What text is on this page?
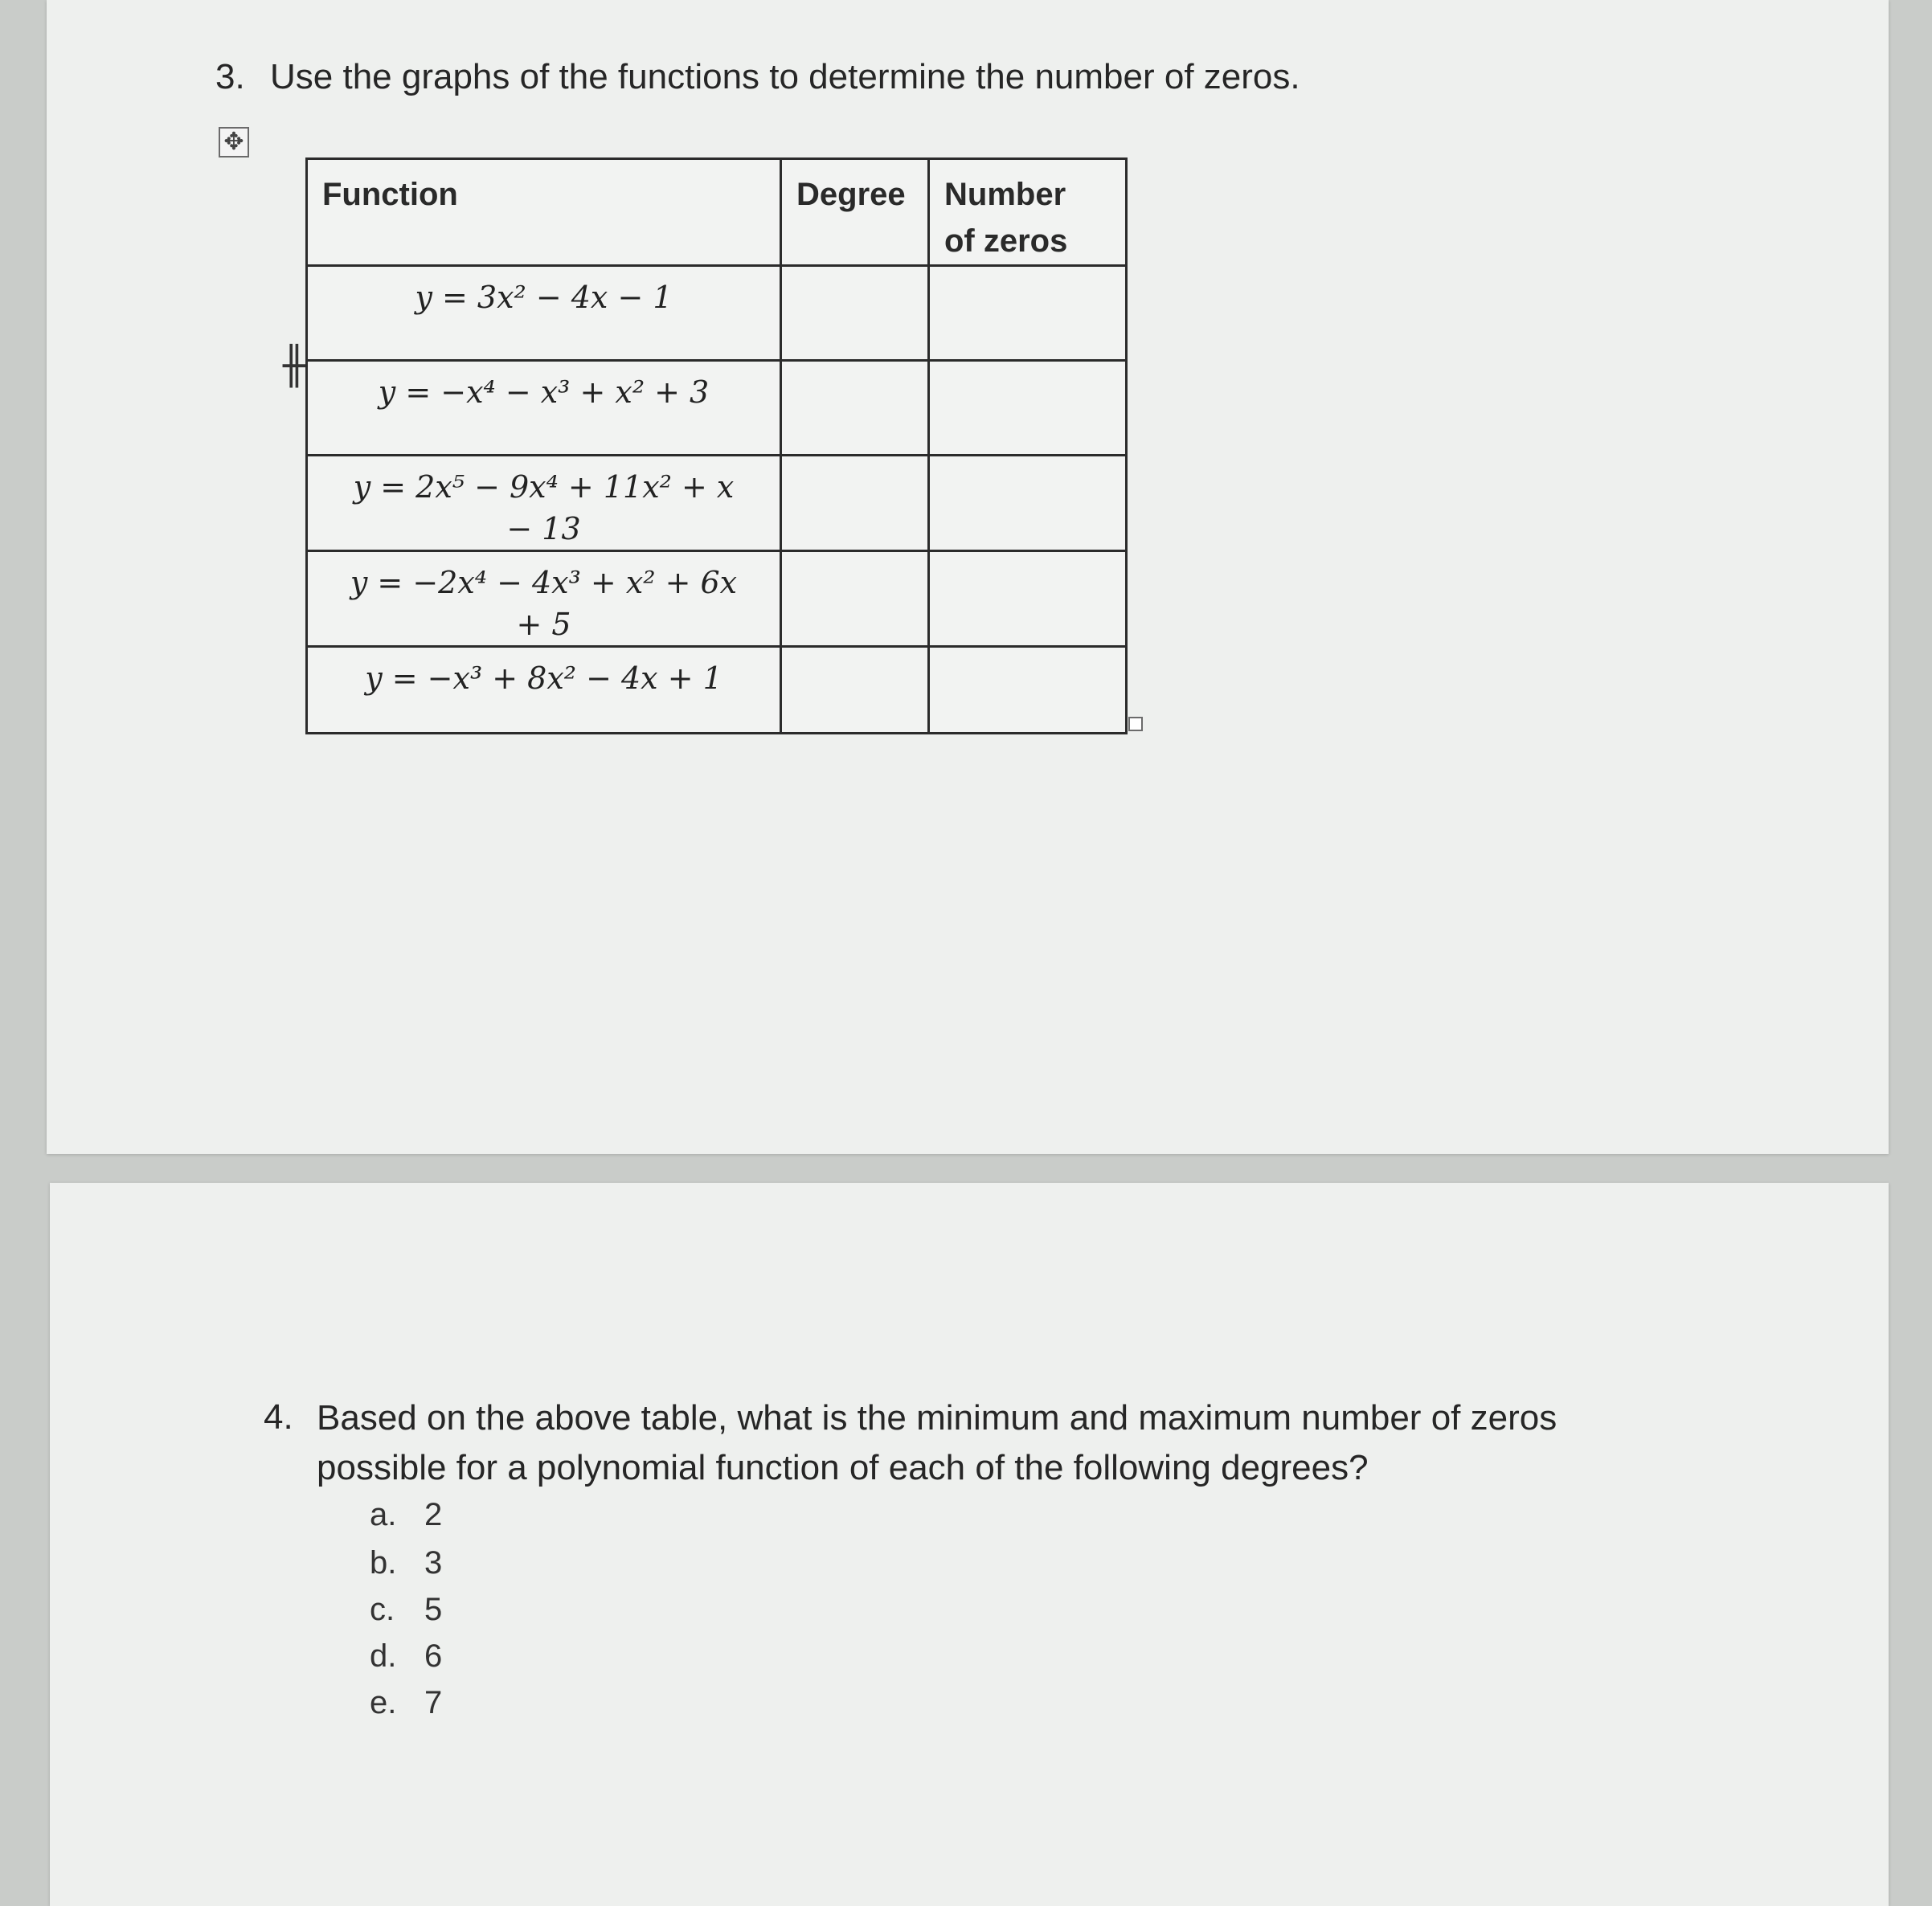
3. Use the graphs of the functions to determine the number of zeros.
✥
Function	Degree	Number
of zeros

y = 3x² − 4x − 1		

y = −x⁴ − x³ + x² + 3		

y = 2x⁵ − 9x⁴ + 11x² + x
− 13		

y = −2x⁴ − 4x³ + x² + 6x
+ 5		

y = −x³ + 8x² − 4x + 1		

╫
4. Based on the above table, what is the minimum and maximum number of zeros possible for a polynomial function of each of the following degrees?
a. 2
b. 3
c. 5
d. 6
e. 7
